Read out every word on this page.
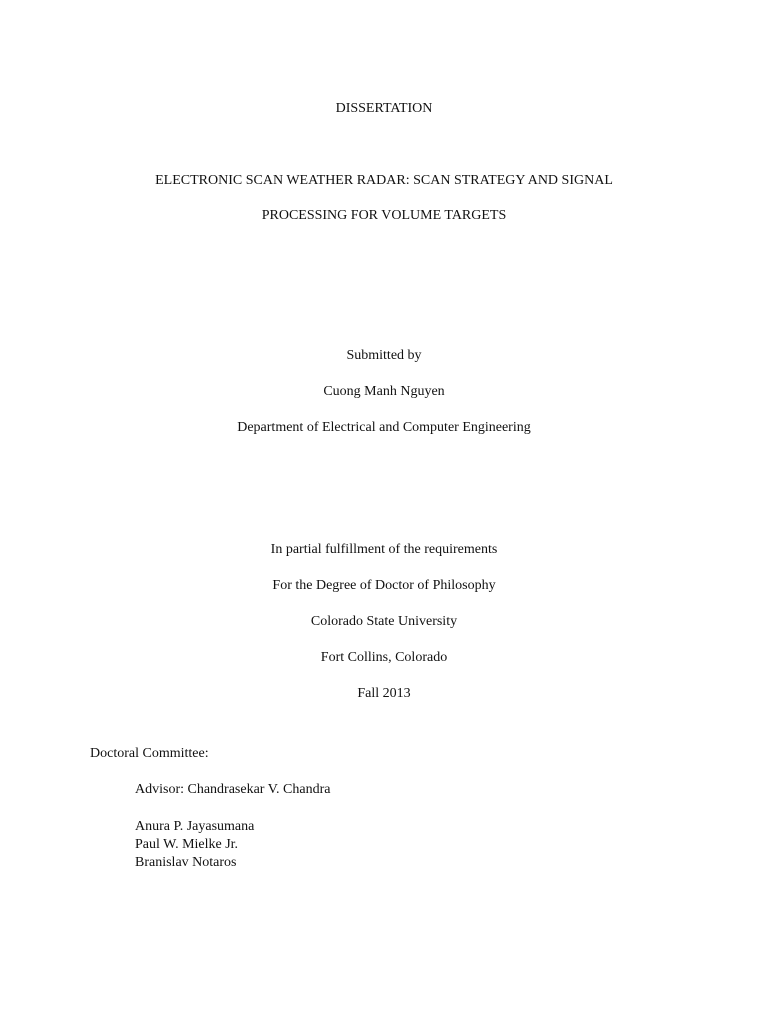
DISSERTATION
ELECTRONIC SCAN WEATHER RADAR: SCAN STRATEGY AND SIGNAL
PROCESSING FOR VOLUME TARGETS
Submitted by
Cuong Manh Nguyen
Department of Electrical and Computer Engineering
In partial fulfillment of the requirements
For the Degree of Doctor of Philosophy
Colorado State University
Fort Collins, Colorado
Fall 2013
Doctoral Committee:
Advisor: Chandrasekar V. Chandra
Anura P. Jayasumana
Paul W. Mielke Jr.
Branislav Notaros
